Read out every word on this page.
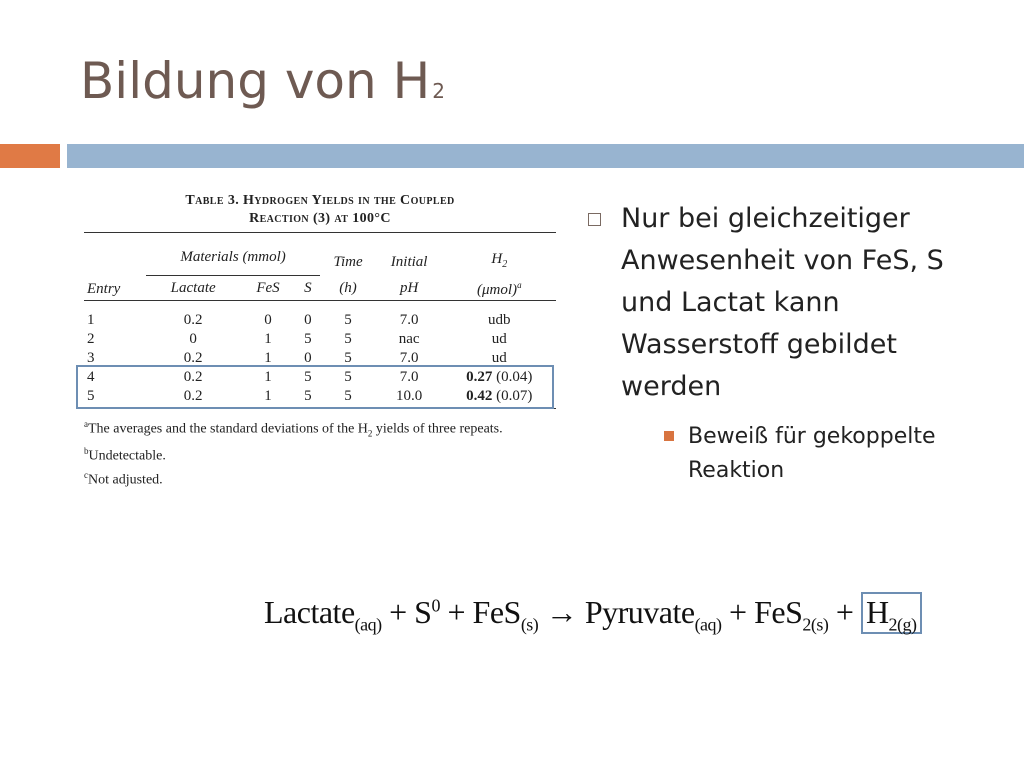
Bildung von H 2
Table 3. Hydrogen Yields in the Coupled
Reaction (3) at 100°C
	Materials (mmol)			Time	Initial	$H_2$
Entry	Lactate	FeS	S	(h)	pH	$(\mu mol)^a$

1	0.2	0	0	5	7.0	udb
2	0	1	5	5	nac	ud
3	0.2	1	0	5	7.0	ud
4	0.2	1	5	5	7.0	0.27 (0.04)
5	0.2	1	5	5	10.0	0.42 (0.07)
$^a$The averages and the standard deviations of the $H_2$ yields of three repeats.
$^b$Undetectable.
$^c$Not adjusted.
Nur bei gleichzeitiger Anwesenheit von FeS, S und Lactat kann Wasserstoff gebildet werden
Beweiß für gekoppelte Reaktion
Lactate$_{(aq)}$ + $S^0 + FeS_{(s)}$ → Pyruvate$_{(aq)}$ + $FeS_{2(s)} + H_{2(g)}$
